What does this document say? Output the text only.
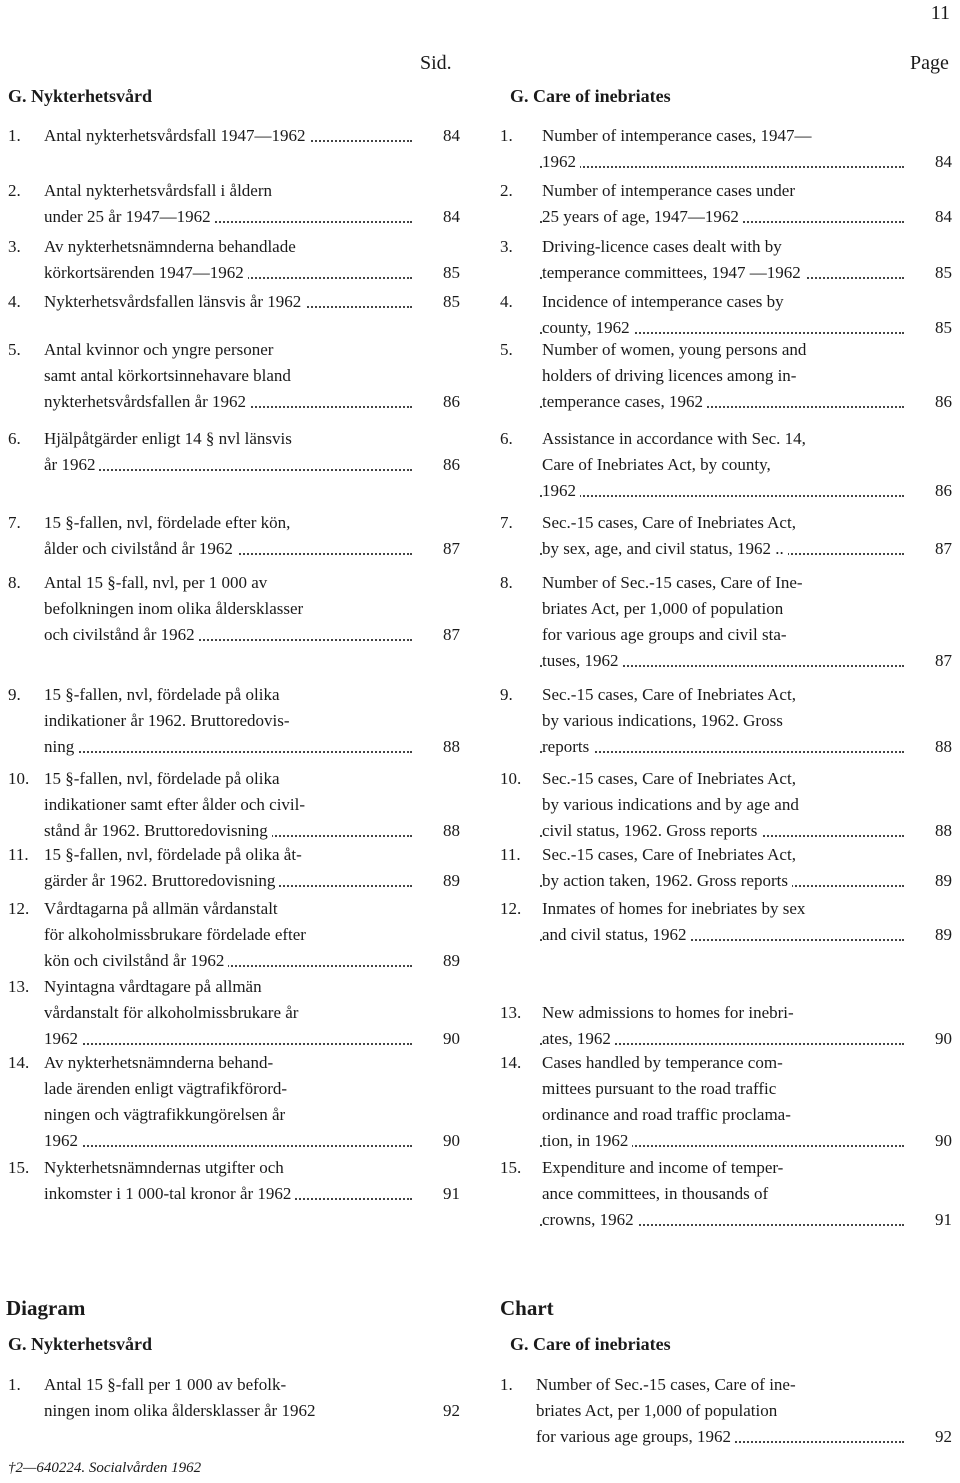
11
Sid.	Page
G. Nykterhetsvård	G. Care of inebriates
1.	Antal nykterhetsvårdsfall 1947—1962	84
2.	Antal nykterhetsvårdsfall i åldern
under 25 år 1947—1962	84
3.	Av nykterhetsnämnderna behandlade
körkortsärenden 1947—1962	85
4.	Nykterhetsvårdsfallen länsvis år 1962	85
5.	Antal kvinnor och yngre personer
samt antal körkortsinnehavare bland
nykterhetsvårdsfallen år 1962	86
6.	Hjälpåtgärder enligt 14 § nvl länsvis
år 1962	86
7.	15 §-fallen, nvl, fördelade efter kön,
ålder och civilstånd år 1962	87
8.	Antal 15 §-fall, nvl, per 1 000 av
befolkningen inom olika åldersklasser
och civilstånd år 1962	87
9.	15 §-fallen, nvl, fördelade på olika
indikationer år 1962. Bruttoredovis-
ning	88
10. 15 §-fallen, nvl, fördelade på olika
indikationer samt efter ålder och civil-
stånd år 1962. Bruttoredovisning	88
11. 15 §-fallen, nvl, fördelade på olika åt-
gärder år 1962. Bruttoredovisning	89
12. Vårdtagarna på allmän vårdanstalt
för alkoholmissbrukare fördelade efter
kön och civilstånd år 1962	89
13. Nyintagna vårdtagare på allmän
vårdanstalt för alkoholmissbrukare år
1962	90
14. Av nykterhetsnämnderna behand-
lade ärenden enligt vägtrafikförord-
ningen och vägtrafikkungörelsen år
1962	90
15. Nykterhetsnämndernas utgifter och
inkomster i 1 000-tal kronor år 1962	91
1.	Number of intemperance cases, 1947—
1962	84
2.	Number of intemperance cases under
25 years of age, 1947—1962	84
3.	Driving-licence cases dealt with by
temperance committees, 1947 —1962	85
4.	Incidence of intemperance cases by
county, 1962	85
5.	Number of women, young persons and
holders of driving licences among in-
temperance cases, 1962	86
6.	Assistance in accordance with Sec. 14,
Care of Inebriates Act, by county,
1962	86
7.	Sec.-15 cases, Care of Inebriates Act,
by sex, age, and civil status, 1962 ..	87
8.	Number of Sec.-15 cases, Care of Ine-
briates Act, per 1,000 of population
for various age groups and civil sta-
tuses, 1962	87
9.	Sec.-15 cases, Care of Inebriates Act,
by various indications, 1962. Gross
reports	88
10.	Sec.-15 cases, Care of Inebriates Act,
by various indications and by age and
civil status, 1962. Gross reports	88
11.	Sec.-15 cases, Care of Inebriates Act,
by action taken, 1962. Gross reports	89
12.	Inmates of homes for inebriates by sex
and civil status, 1962	89
13.	New admissions to homes for inebri-
ates, 1962	90
14.	Cases handled by temperance com-
mittees pursuant to the road traffic
ordinance and road traffic proclama-
tion, in 1962	90
15.	Expenditure and income of temper-
ance committees, in thousands of
crowns, 1962	91
Diagram
G. Nykterhetsvård
Chart
G. Care of inebriates
1.	Antal 15 §-fall per 1 000 av befolk-
ningen inom olika åldersklasser år 1962	92
1.	Number of Sec.-15 cases, Care of ine-
briates Act, per 1,000 of population
for various age groups, 1962	92
†2—640224. Socialvården 1962
